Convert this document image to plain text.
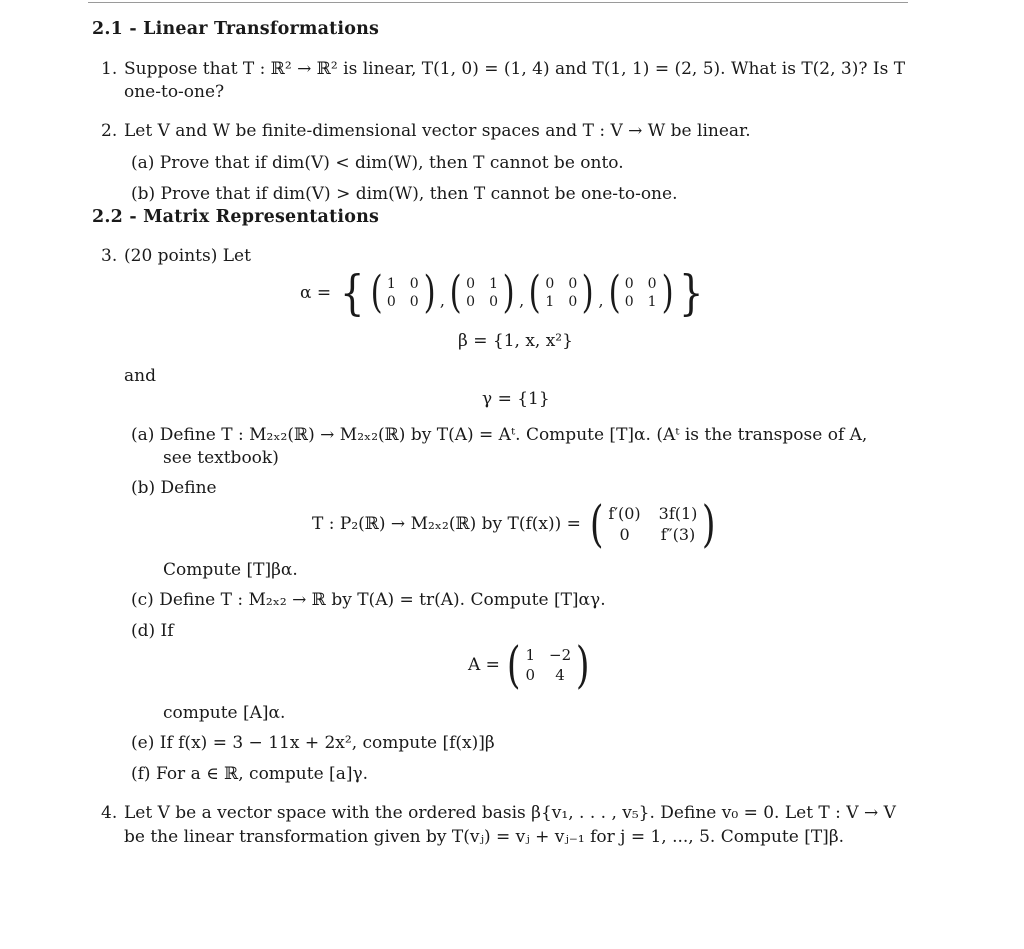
2.1 - Linear Transformations
1. Suppose that T : ℝ² → ℝ² is linear, T(1, 0) = (1, 4) and T(1, 1) = (2, 5). What is T(2, 3)? Is T
one-to-one?
2. Let V and W be finite-dimensional vector spaces and T : V → W be linear.
(a) Prove that if dim(V) < dim(W), then T cannot be onto.
(b) Prove that if dim(V) > dim(W), then T cannot be one-to-one.
2.2 - Matrix Representations
3. (20 points) Let
α = { ( 1 0
0 0 ) , ( 0 1
0 0 ) , ( 0 0
1 0 ) , ( 0 0
0 1 ) }
β = {1, x, x²}
and
γ = {1}
(a) Define T : M₂ₓ₂(ℝ) → M₂ₓ₂(ℝ) by T(A) = Aᵗ. Compute [T]α. (Aᵗ is the transpose of A,
see textbook)
(b) Define
T : P₂(ℝ) → M₂ₓ₂(ℝ) by T(f(x)) = ( f′(0) 3f(1)
0	f″(3) )
Compute [T]βα.
(c) Define T : M₂ₓ₂ → ℝ by T(A) = tr(A). Compute [T]αγ.
(d) If
A = ( 1 −2
0	4 )
compute [A]α.
(e) If f(x) = 3 − 11x + 2x², compute [f(x)]β
(f) For a ∈ ℝ, compute [a]γ.
4. Let V be a vector space with the ordered basis β{v₁, . . . , v₅}. Define v₀ = 0. Let T : V → V
be the linear transformation given by T(vⱼ) = vⱼ + vⱼ₋₁ for j = 1, ..., 5. Compute [T]β.
